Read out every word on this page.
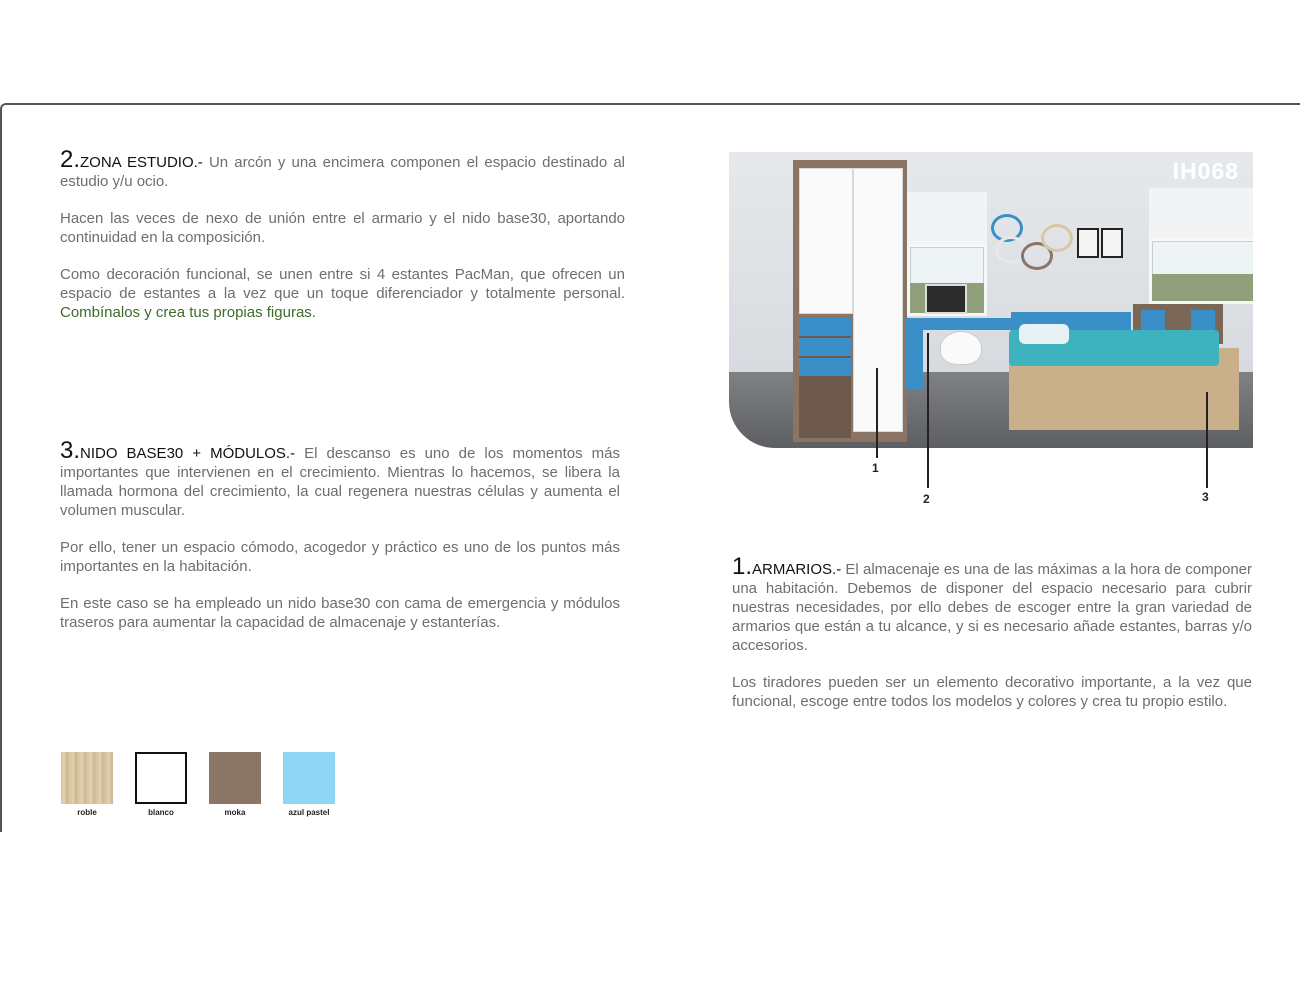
2.ZONA ESTUDIO.- Un arcón y una encimera componen el espacio destinado al estudio y/u ocio.

Hacen las veces de nexo de unión entre el armario y el nido base30, aportando continuidad en la composición.

Como decoración funcional, se unen entre si 4 estantes PacMan, que ofrecen un espacio de estantes a la vez que un toque diferenciador y totalmente personal. Combínalos y crea tus propias figuras.

3.NIDO BASE30 + MÓDULOS.- El descanso es uno de los momentos más importantes que intervienen en el crecimiento. Mientras lo hacemos, se libera la llamada hormona del crecimiento, la cual regenera nuestras células y aumenta el volumen muscular.

Por ello, tener un espacio cómodo, acogedor y práctico es uno de los puntos más importantes en la habitación.

En este caso se ha empleado un nido base30 con cama de emergencia y módulos traseros para aumentar la capacidad de almacenaje y estanterías.

1.ARMARIOS.- El almacenaje es una de las máximas a la hora de componer una habitación. Debemos de disponer del espacio necesario para cubrir nuestras necesidades, por ello debes de escoger entre la gran variedad de armarios que están a tu alcance, y si es necesario añade estantes, barras y/o accesorios.

Los tiradores pueden ser un elemento decorativo importante, a la vez que funcional, escoge entre todos los modelos y colores y crea tu propio estilo.

IH068
1
2	3
roble	blanco	moka	azul pastel
